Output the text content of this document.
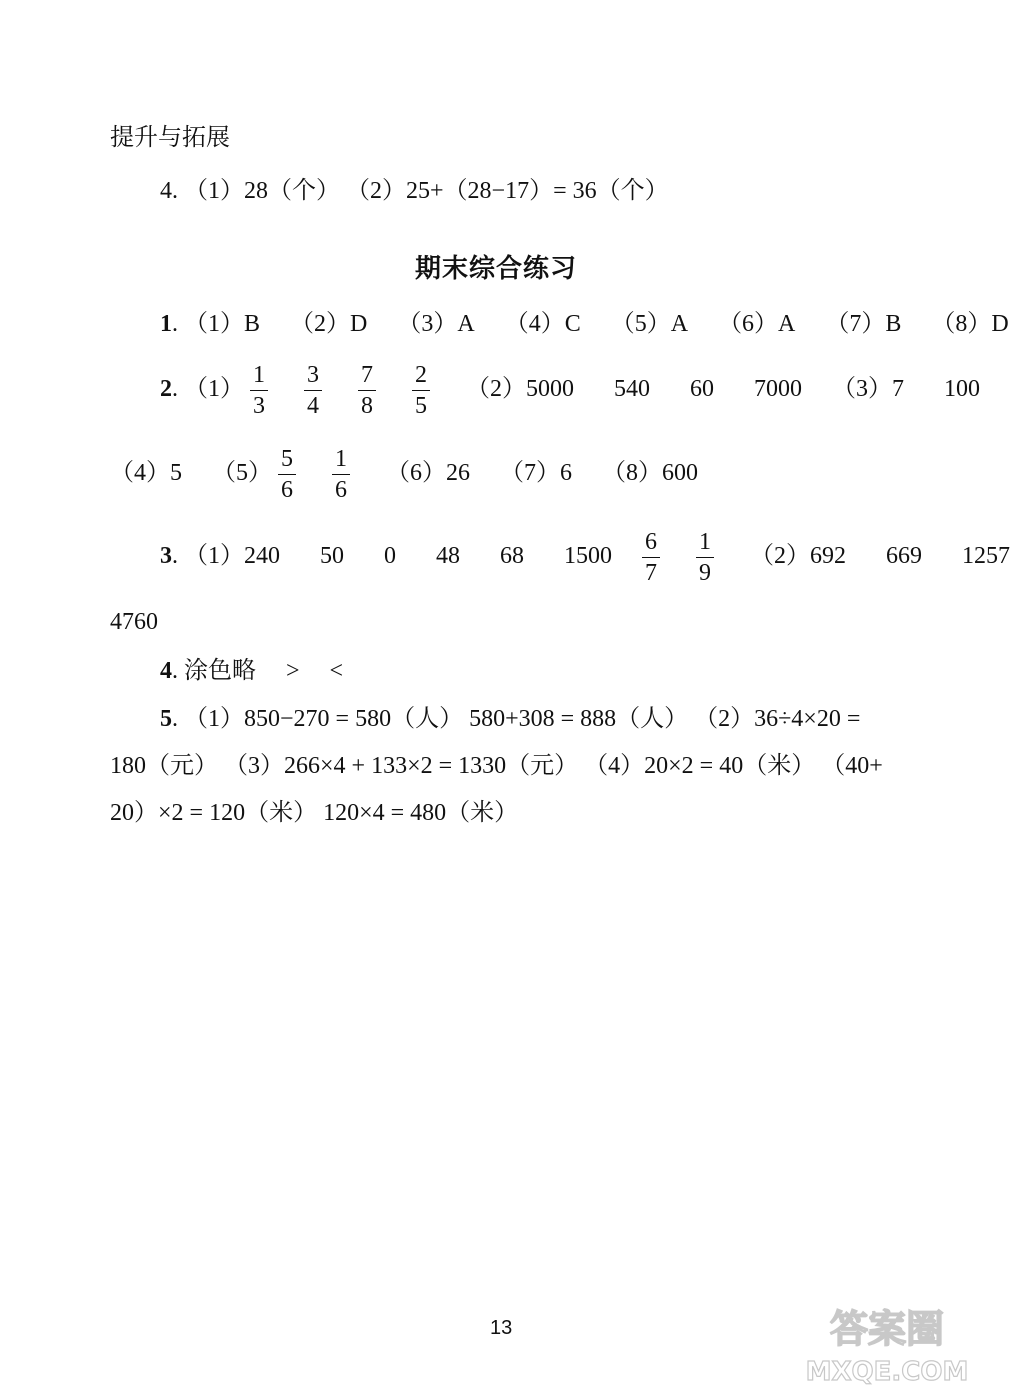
提升与拓展
4. （1）28（个） （2）25+（28−17）= 36（个）
期末综合练习
1. （1）B （2）D （3）A （4）C （5）A （6）A （7）B （8）D
2. $(1) \frac{1}{3} \frac{3}{4} \frac{7}{8} \frac{2}{5} (2)5000$ 540 60 7000 （3）7 100
（4）5 $(5) \frac{5}{6} \frac{1}{6} (6)26$ （7）6 （8）600
3. （1）240 50 0 48 68 $1500 \frac{6}{7} \frac{1}{9} (2)692$ 669 1257
4760
4. 涂色略 > <
5. （1）850−270 = 580（人） 580+308 = 888（人） （2）36÷4×20 =
180（元） （3）266×4 + 133×2 = 1330（元） （4）20×2 = 40（米） （40+
20）×2 = 120（米） 120×4 = 480（米）
13	答案圈
MXQE.COM
